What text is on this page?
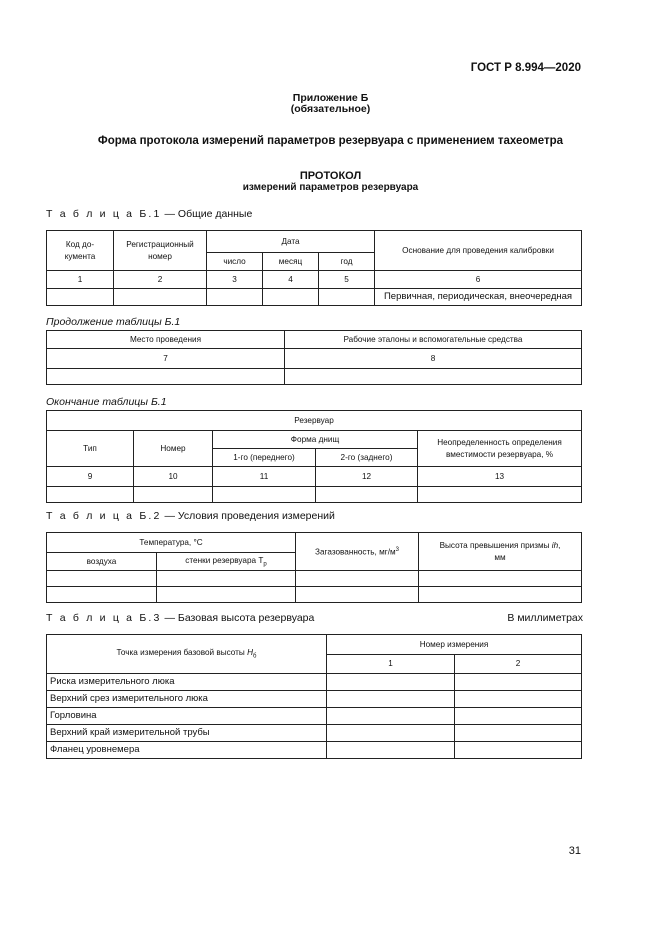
ГОСТ Р 8.994—2020
Приложение Б
(обязательное)
Форма протокола измерений параметров резервуара с применением тахеометра
ПРОТОКОЛ
измерений параметров резервуара
Т а б л и ц а Б.1 — Общие данные
Код до-
кумента	Регистрационный
номер	Дата			Основание для проведения калибровки
		число	месяц	год	
1	2	3	4	5	6
					Первичная, периодическая, внеочередная
Продолжение таблицы Б.1
Место проведения	Рабочие эталоны и вспомогательные средства
7	8

Окончание таблицы Б.1
Резервуар				
Тип	Номер	Форма днищ		Неопределенность определения
вместимости резервуара, %
		1-го (переднего)	2-го (заднего)	
9	10	11	12	13

Т а б л и ц а Б.2 — Условия проведения измерений
Температура, °С		Загазованность, $мг/м^3$	Высота превышения призмы ih,
мм
воздуха	стенки резервуара $Т_р$

Т а б л и ц а Б.3 — Базовая высота резервуара	В миллиметрах
Точка измерения базовой высоты $Н_б$	Номер измерения	
	1	2
Риска измерительного люка		
Верхний срез измерительного люка		
Горловина		
Верхний край измерительной трубы		
Фланец уровнемера		
31
